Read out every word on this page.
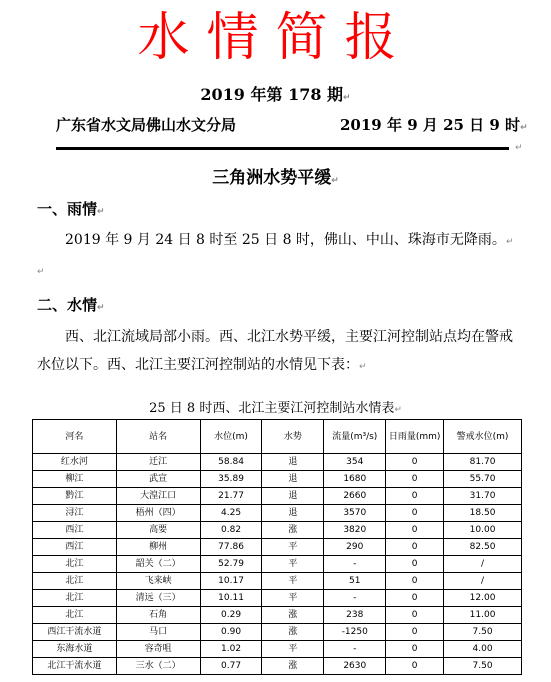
水情简报
2019 年第 178 期↵
广东省水文局佛山水文分局	2019 年 9 月 25 日 9 时↵
↵
三角洲水势平缓↵
一、雨情↵
2019 年 9 月 24 日 8 时至 25 日 8 时，佛山、中山、珠海市无降雨。↵
↵
二、水情↵
西、北江流域局部小雨。西、北江水势平缓，主要江河控制站点均在警戒水位以下。西、北江主要江河控制站的水情见下表：↵
25 日 8 时西、北江主要江河控制站水情表↵
河名	站名	水位(m)	水势	流量(m³/s)	日雨量(mm)	警戒水位(m)
红水河	迁江	58.84	退	354	0	81.70
柳江	武宣	35.89	退	1680	0	55.70
黔江	大湟江口	21.77	退	2660	0	31.70
浔江	梧州（四）	4.25	退	3570	0	18.50
西江	高要	0.82	涨	3820	0	10.00
西江	柳州	77.86	平	290	0	82.50
北江	韶关（二）	52.79	平	-	0	/
北江	飞来峡	10.17	平	51	0	/
北江	清远（三）	10.11	平	-	0	12.00
北江	石角	0.29	涨	238	0	11.00
西江干流水道	马口	0.90	涨	-1250	0	7.50
东海水道	容奇咀	1.02	平	-	0	4.00
北江干流水道	三水（二）	0.77	涨	2630	0	7.50
